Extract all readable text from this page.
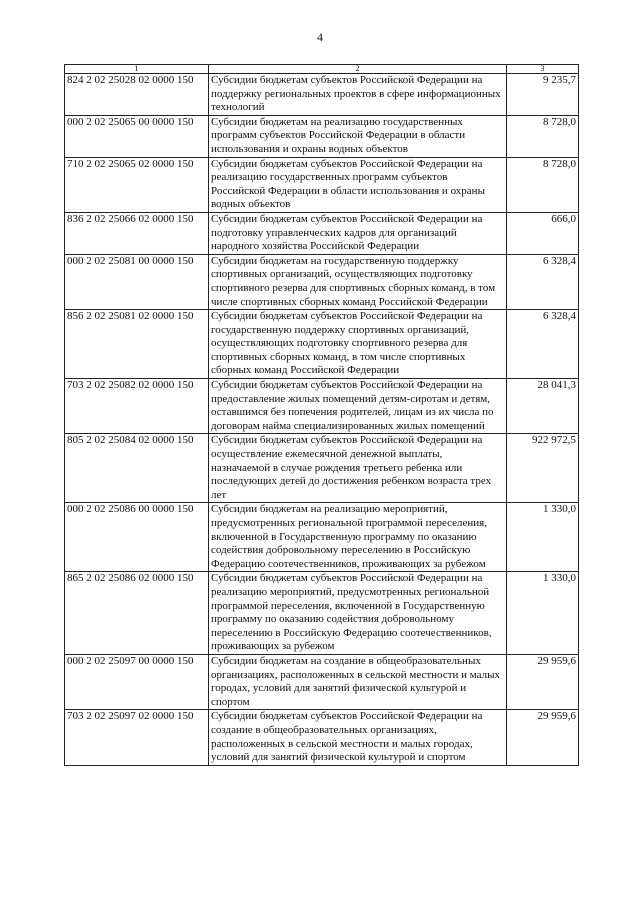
4
1	2	3
824 2 02 25028 02 0000 150	Субсидии бюджетам субъектов Российской Федерации на поддержку региональных проектов в сфере информационных технологий	9 235,7
000 2 02 25065 00 0000 150	Субсидии бюджетам на реализацию государственных программ субъектов Российской Федерации в области использования и охраны водных объектов	8 728,0
710 2 02 25065 02 0000 150	Субсидии бюджетам субъектов Российской Федерации на реализацию государственных программ субъектов Российской Федерации в области использования и охраны водных объектов	8 728,0
836 2 02 25066 02 0000 150	Субсидии бюджетам субъектов Российской Федерации на подготовку управленческих кадров для организаций народного хозяйства Российской Федерации	666,0
000 2 02 25081 00 0000 150	Субсидии бюджетам на государственную поддержку спортивных организаций, осуществляющих подготовку спортивного резерва для спортивных сборных команд, в том числе спортивных сборных команд Российской Федерации	6 328,4
856 2 02 25081 02 0000 150	Субсидии бюджетам субъектов Российской Федерации на государственную поддержку спортивных организаций, осуществляющих подготовку спортивного резерва для спортивных сборных команд, в том числе спортивных сборных команд Российской Федерации	6 328,4
703 2 02 25082 02 0000 150	Субсидии бюджетам субъектов Российской Федерации на предоставление жилых помещений детям-сиротам и детям, оставшимся без попечения родителей, лицам из их числа по договорам найма специализированных жилых помещений	28 041,3
805 2 02 25084 02 0000 150	Субсидии бюджетам субъектов Российской Федерации на осуществление ежемесячной денежной выплаты, назначаемой в случае рождения третьего ребенка или последующих детей до достижения ребенком возраста трех лет	922 972,5
000 2 02 25086 00 0000 150	Субсидии бюджетам на реализацию мероприятий, предусмотренных региональной программой переселения, включенной в Государственную программу по оказанию содействия добровольному переселению в Российскую Федерацию соотечественников, проживающих за рубежом	1 330,0
865 2 02 25086 02 0000 150	Субсидии бюджетам субъектов Российской Федерации на реализацию мероприятий, предусмотренных региональной программой переселения, включенной в Государственную программу по оказанию содействия добровольному переселению в Российскую Федерацию соотечественников, проживающих за рубежом	1 330,0
000 2 02 25097 00 0000 150	Субсидии бюджетам на создание в общеобразовательных организациях, расположенных в сельской местности и малых городах, условий для занятий физической культурой и спортом	29 959,6
703 2 02 25097 02 0000 150	Субсидии бюджетам субъектов Российской Федерации на создание в общеобразовательных организациях, расположенных в сельской местности и малых городах, условий для занятий физической культурой и спортом	29 959,6
